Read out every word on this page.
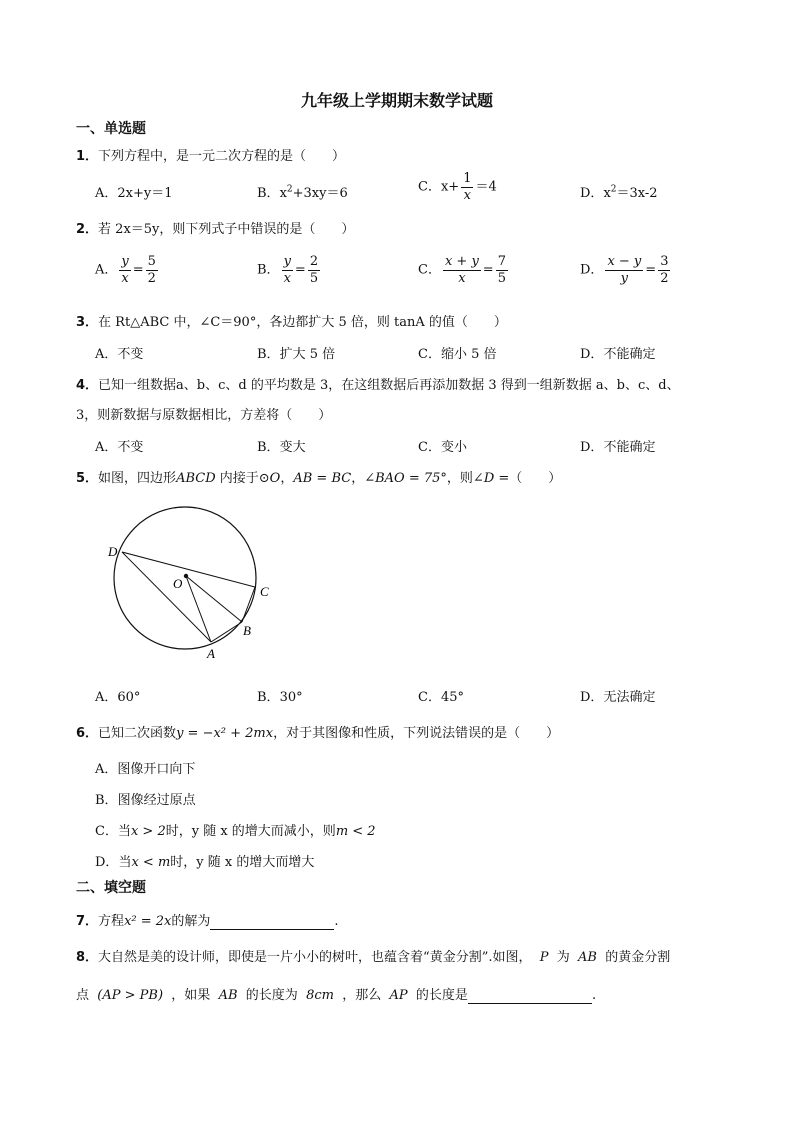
九年级上学期期末数学试题
一、单选题
1．下列方程中，是一元二次方程的是（　　）
A．2x+y＝1	B．$x^2+3xy=6$	C．$x+ \frac{1}{x} =4$	D．$x^2=3x-2$
2．若 2x＝5y，则下列式子中错误的是（　　）
A． $\frac{y}{x} = \frac{5}{2}$	B． $\frac{y}{x} = \frac{2}{5}$	C． $\frac{x + y}{x} = \frac{7}{5}$	D． $\frac{x - y}{y} = \frac{3}{2}$
3．在 Rt△ABC 中，∠C＝90°，各边都扩大 5 倍，则 tanA 的值（　　）
A．不变	B．扩大 5 倍	C．缩小 5 倍	D．不能确定
4．已知一组数据a、b、c、d 的平均数是 3，在这组数据后再添加数据 3 得到一组新数据 a、b、c、d、
3，则新数据与原数据相比，方差将（　　）
A．不变	B．变大	C．变小	D．不能确定
5．如图，四边形ABCD 内接于⊙O，AB = BC，∠BAO = 75°，则∠D =（　　）
D
O
C
B
A
A．60°	B．30°	C．45°	D．无法确定
6．已知二次函数y = −x² + 2mx，对于其图像和性质，下列说法错误的是（　　）
A．图像开口向下
B．图像经过原点
C．当x > 2时，y 随 x 的增大而减小，则m < 2
D．当x < m时，y 随 x 的增大而增大
二、填空题
7．方程x² = 2x的解为	.
8．大自然是美的设计师，即使是一片小小的树叶，也蕴含着“黄金分割”.如图， P 为 AB 的黄金分割
点 (AP > PB) ，如果 AB 的长度为 8cm ，那么 AP 的长度是	.
